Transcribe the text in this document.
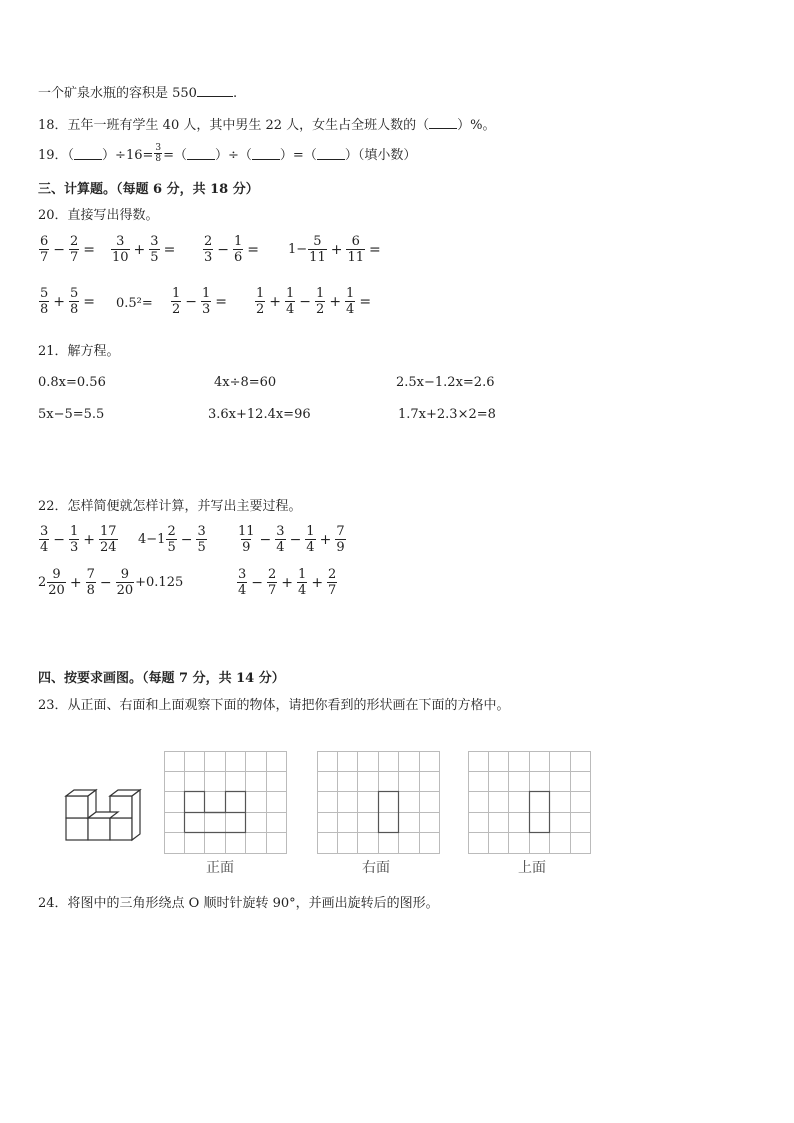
一个矿泉水瓶的容积是 550	.
18．五年一班有学生 40 人，其中男生 22 人，女生占全班人数的（ ）%。
19．（ ）$\div 16= \frac{3}{8}$ =（ ）÷（ ）=（ ）（填小数）
三、计算题。（每题 6 分，共 18 分）
20．直接写出得数。
$\frac{6}{7} - \frac{2}{7} = \frac{3}{10} + \frac{3}{5} = \frac{2}{3} - \frac{1}{6} = 1- \frac{5}{11} + \frac{6}{11}$ =
$\frac{5}{8} + \frac{5}{8} = 0.5^2= \frac{1}{2} - \frac{1}{3} = \frac{1}{2} + \frac{1}{4} - \frac{1}{2} + \frac{1}{4}$ =
21．解方程。
0.8x=0.56	4x÷8=60	2.5x−1.2x=2.6
5x−5=5.5	3.6x+12.4x=96	1.7x+2.3×2=8
22．怎样简便就怎样计算，并写出主要过程。
$\frac{3}{4} - \frac{1}{3} + \frac{17}{24} 4-1 \frac{2}{5} - \frac{3}{5} \frac{11}{9} - \frac{3}{4} - \frac{1}{4} + \frac{7}{9}$
$2 \frac{9}{20} + \frac{7}{8} - \frac{9}{20} +0.125$	$\frac{3}{4} - \frac{2}{7} + \frac{1}{4} + \frac{2}{7}$
四、按要求画图。（每题 7 分，共 14 分）
23．从正面、右面和上面观察下面的物体，请把你看到的形状画在下面的方格中。
正面	右面	上面
24．将图中的三角形绕点 O 顺时针旋转 90°，并画出旋转后的图形。
